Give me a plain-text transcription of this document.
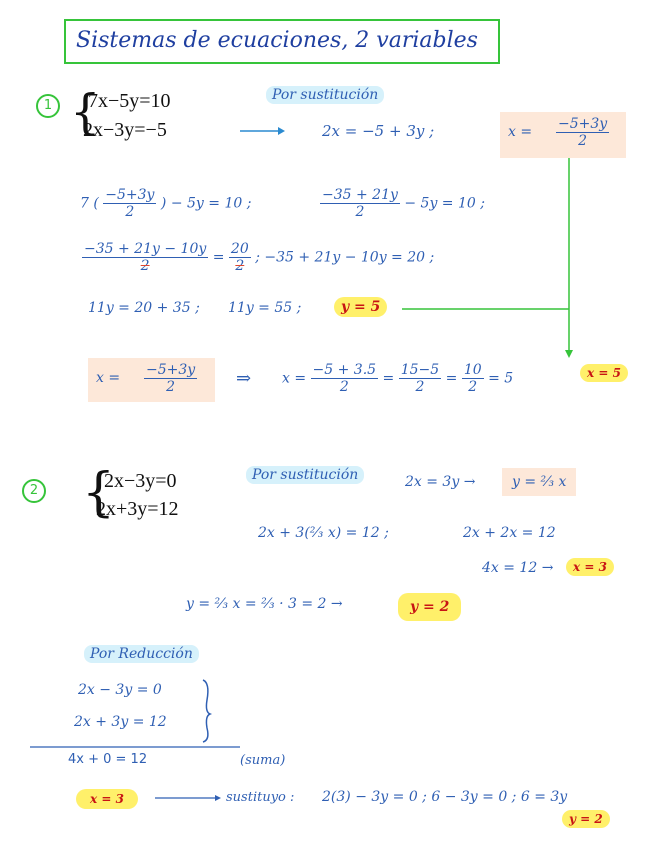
Sistemas de ecuaciones, 2 variables
1 {
7x−5y=10
2x−3y=−5
Por sustitución
2x = −5 + 3y ;	$x = \frac{-5+3y}{2}$
7 ( $\frac{-5+3y}{2}$ ) − 5y = 10 ;	$\frac{-35 + 21y}{2} - 5y = 10$ ;
$\frac{-35 + 21y - 10y}{2} = \frac{20}{2}$ ; −35 + 21y − 10y = 20 ;
11y = 20 + 35 ; 11y = 55 ;	y = 5
$x = \frac{-5+3y}{2}$ ⇒ $x = \frac{-5 + 3.5}{2} = \frac{15-5}{2} = \frac{10}{2} = 5$	x = 5
2 {
2x−3y=0
2x+3y=12
Por sustitución	2x = 3y →	y = ²⁄₃ x
2x + 3(²⁄₃ x) = 12 ;	2x + 2x = 12
4x = 12 →	x = 3
y = ²⁄₃ x = ²⁄₃ · 3 = 2 →	y = 2
Por Reducción
2x − 3y = 0
2x + 3y = 12
4x + 0 = 12	(suma)
x = 3	sustituyo : 2(3) − 3y = 0 ; 6 − 3y = 0 ; 6 = 3y
y = 2
